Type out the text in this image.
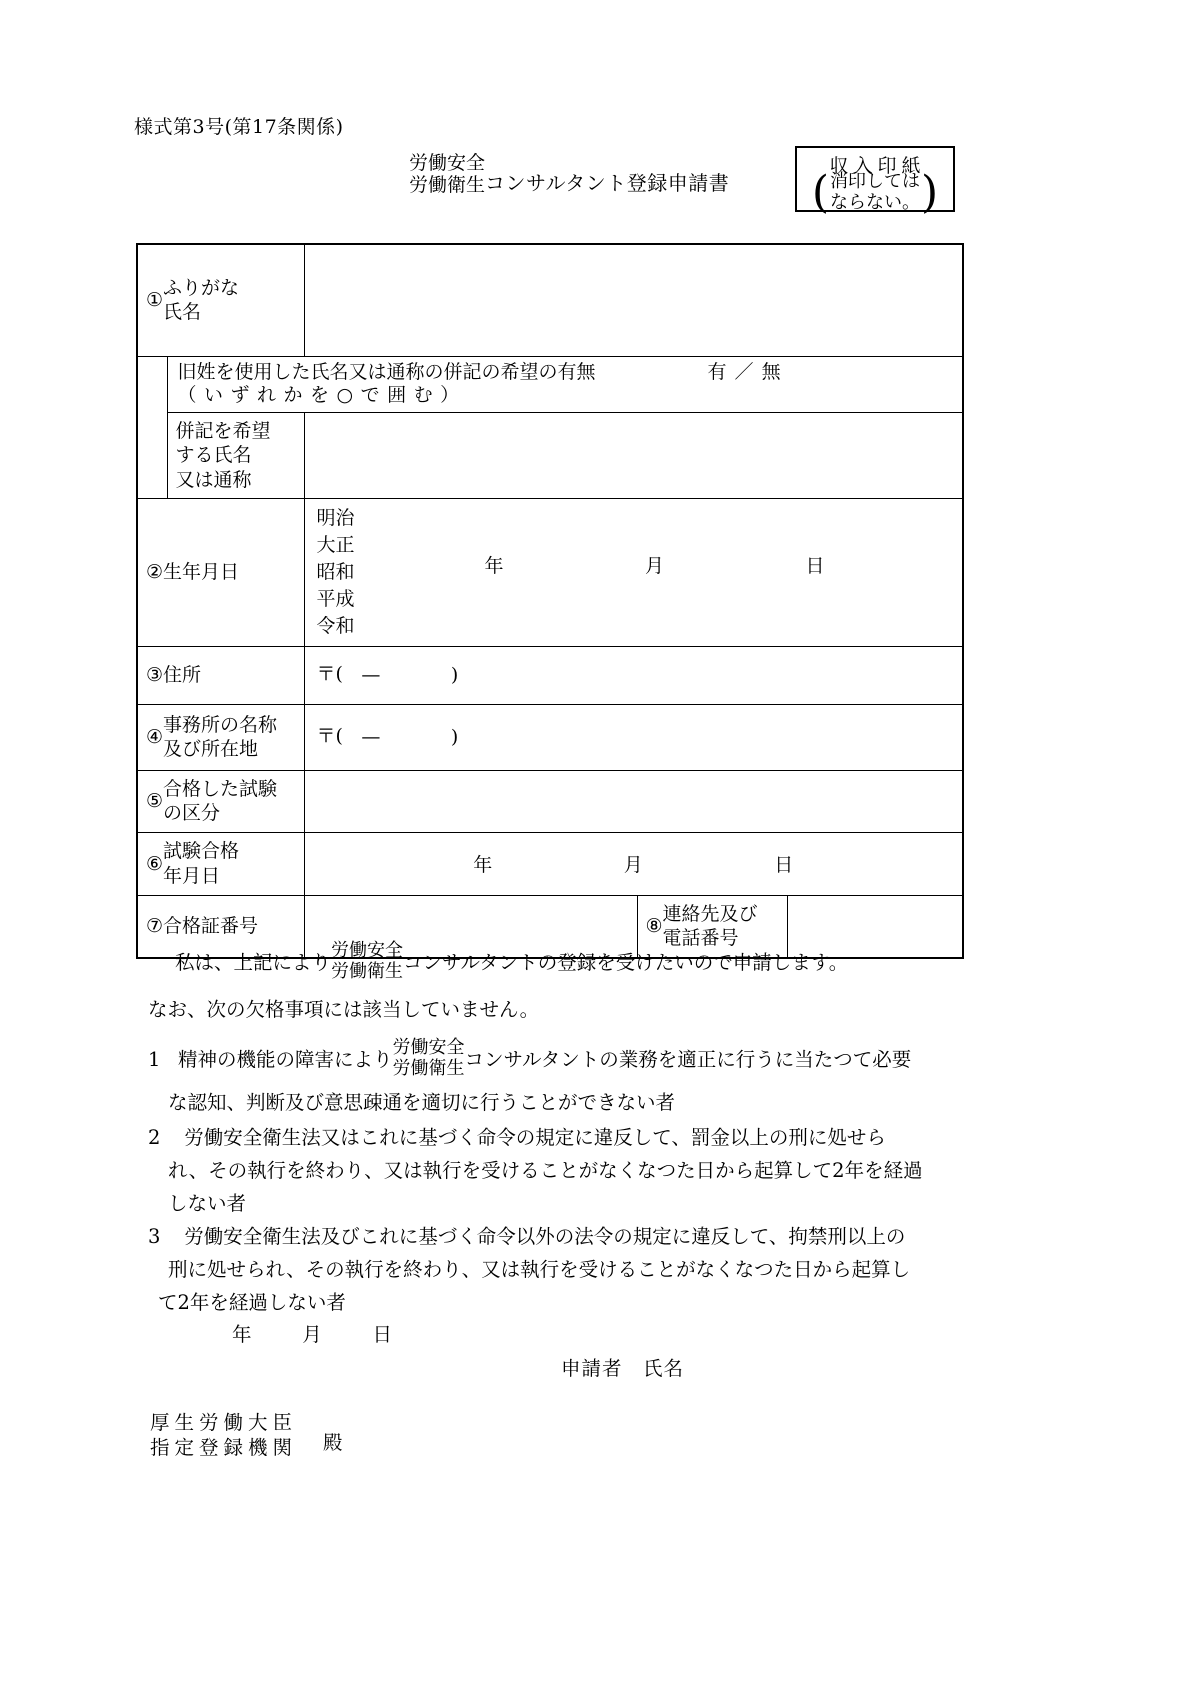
様式第3号(第17条関係)
労働安全
労働衛生 コンサルタント登録申請書
収入印紙
( 消印しては
ならない。 )
①
ふりがな
氏名				

	旧姓を使用した氏名又は通称の併記の希望の有無 有 ／ 無
（いずれかを○で囲む）			

併記を希望
する氏名
又は通称			

② 生年月日

明治
大正
昭和
平成
令和
年	月	日

③ 住所		〒( — )		

④
事務所の名称
及び所在地		〒( — )		

⑤
合格した試験
の区分				

⑥
試験合格
年月日		年 月 日		

⑦ 合格証番号			⑧
連絡先及び
電話番号	

私は、上記により
労働安全
労働衛生 コンサルタントの登録を受けたいので申請します。
なお、次の欠格事項には該当していません。
1 精神の機能の障害により
労働安全
労働衛生 コンサルタントの業務を適正に行うに当たつて必要
な認知、判断及び意思疎通を適切に行うことができない者
2 労働安全衛生法又はこれに基づく命令の規定に違反して、罰金以上の刑に処せら
れ、その執行を終わり、又は執行を受けることがなくなつた日から起算して2年を経過
しない者
3 労働安全衛生法及びこれに基づく命令以外の法令の規定に違反して、拘禁刑以上の
刑に処せられ、その執行を終わり、又は執行を受けることがなくなつた日から起算し
て2年を経過しない者
年	月	日
申請者　氏名
厚生労働大臣
指定登録機関 殿
